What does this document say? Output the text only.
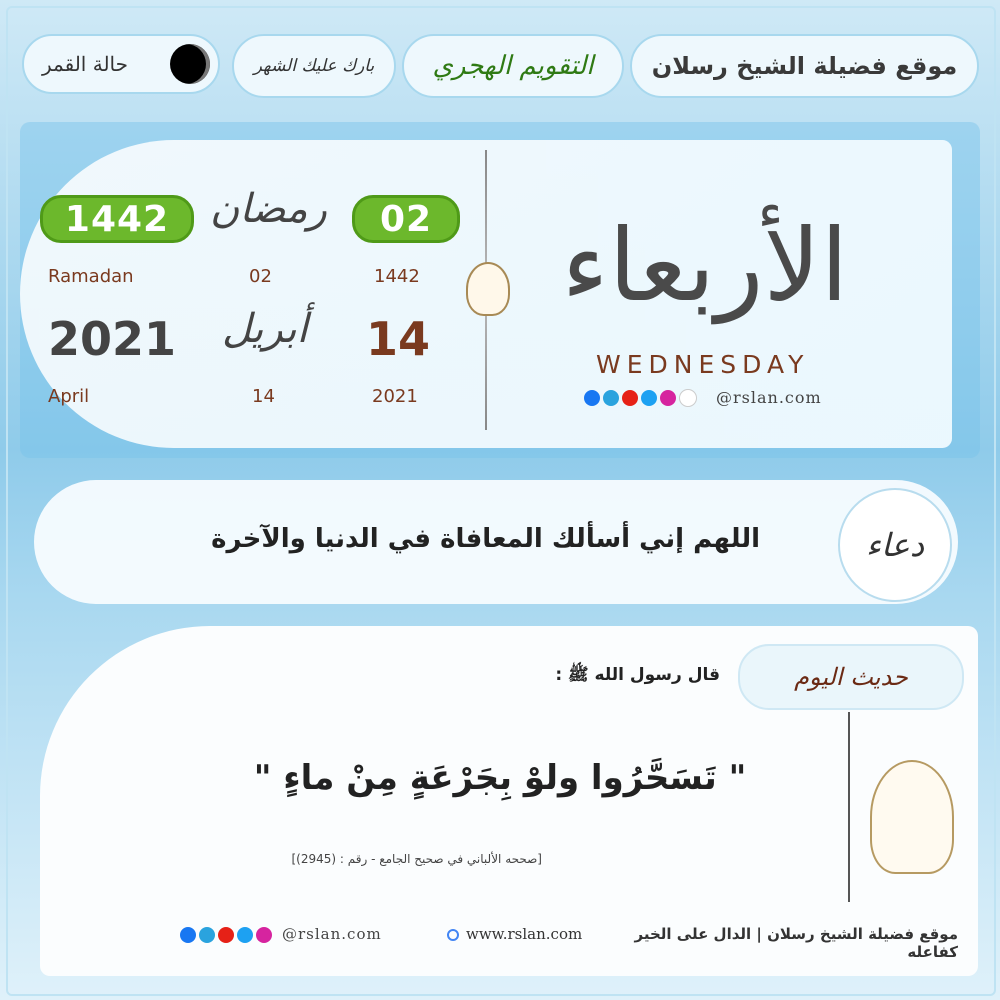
موقع فضيلة الشيخ رسلان
التقويم الهجري
بارك عليك الشهر
حالة القمر
1442	رمضان	02
Ramadan	02	1442
2021 أبريل 14
April	14	2021
الأربعاء
WEDNESDAY
@rslan.com
دعاء
اللهم إني أسألك المعافاة في الدنيا والآخرة
حديث اليوم
قال رسول الله ﷺ :
" تَسَحَّرُوا ولوْ بِجَرْعَةٍ مِنْ ماءٍ "
[صححه الألباني في صحيح الجامع - رقم : (2945)]
@rslan.com	www.rslan.com	موقع فضيلة الشيخ رسلان | الدال على الخير كفاعله
